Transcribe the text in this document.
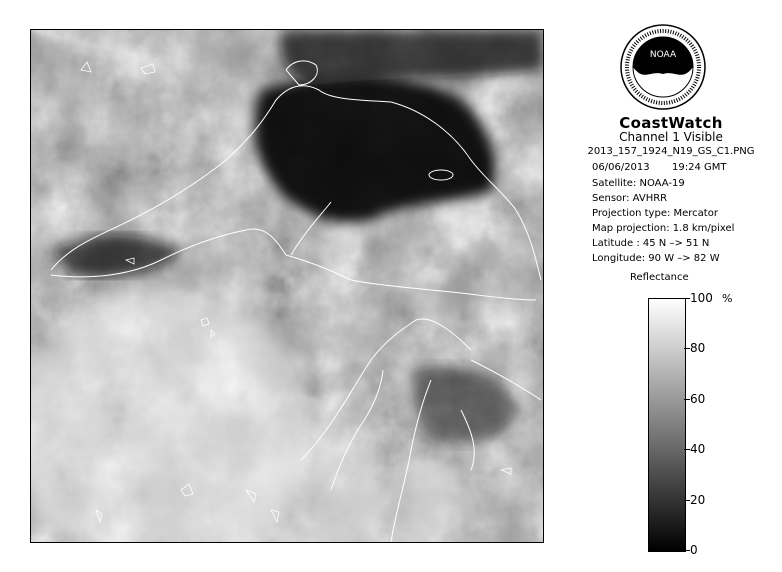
NOAA
CoastWatch
Channel 1 Visible
2013_157_1924_N19_GS_C1.PNG
06/06/2013 19:24 GMT
Satellite: NOAA-19
Sensor: AVHRR
Projection type: Mercator
Map projection: 1.8 km/pixel
Latitude : 45 N –> 51 N
Longitude: 90 W –> 82 W
Reflectance
%
100
80
60
40
20
0
